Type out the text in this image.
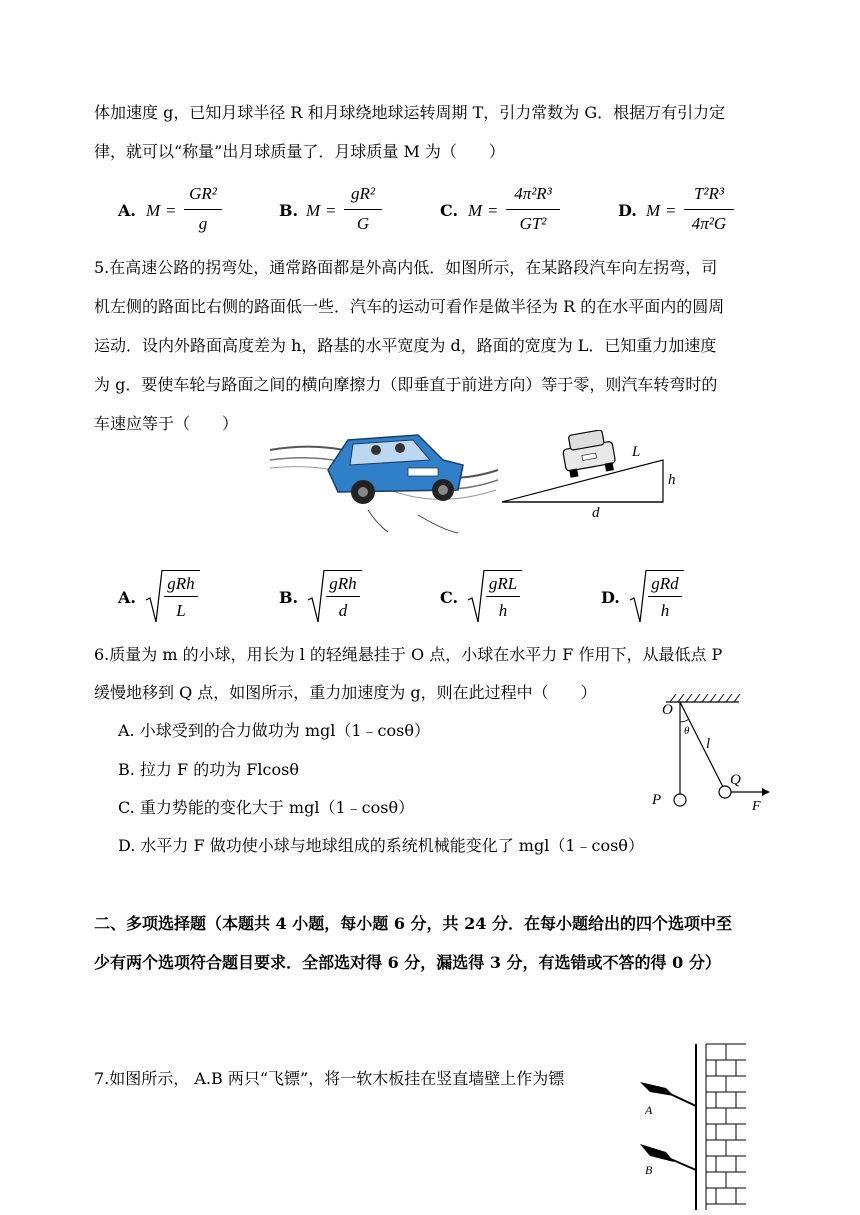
体加速度 g，已知月球半径 R 和月球绕地球运转周期 T，引力常数为 G．根据万有引力定
律，就可以“称量”出月球质量了．月球质量 M 为（　　）
A. M =
GR²
g
B. M =
gR²
G
C. M =
4π²R³
GT²
D. M =
T²R³
4π²G
5.在高速公路的拐弯处，通常路面都是外高内低．如图所示，在某路段汽车向左拐弯，司
机左侧的路面比右侧的路面低一些．汽车的运动可看作是做半径为 R 的在水平面内的圆周
运动．设内外路面高度差为 h，路基的水平宽度为 d，路面的宽度为 L．已知重力加速度
为 g．要使车轮与路面之间的横向摩擦力（即垂直于前进方向）等于零，则汽车转弯时的
车速应等于（　　）
L
h
d
A.
gRh
L
B.
gRh
d
C.
gRL
h
D.
gRd
h
6.质量为 m 的小球，用长为 l 的轻绳悬挂于 O 点，小球在水平力 F 作用下，从最低点 P
缓慢地移到 Q 点，如图所示，重力加速度为 g，则在此过程中（　　）
A. 小球受到的合力做功为 mgl（1﹣cosθ）
B. 拉力 F 的功为 Flcosθ
C. 重力势能的变化大于 mgl（1﹣cosθ）
D. 水平力 F 做功使小球与地球组成的系统机械能变化了 mgl（1﹣cosθ）
O
θ
l
P
Q
F
二、多项选择题（本题共 4 小题，每小题 6 分，共 24 分．在每小题给出的四个选项中至
少有两个选项符合题目要求．全部选对得 6 分，漏选得 3 分，有选错或不答的得 0 分）
7.如图所示， A.B 两只“飞镖”，将一软木板挂在竖直墙壁上作为镖
A
B
